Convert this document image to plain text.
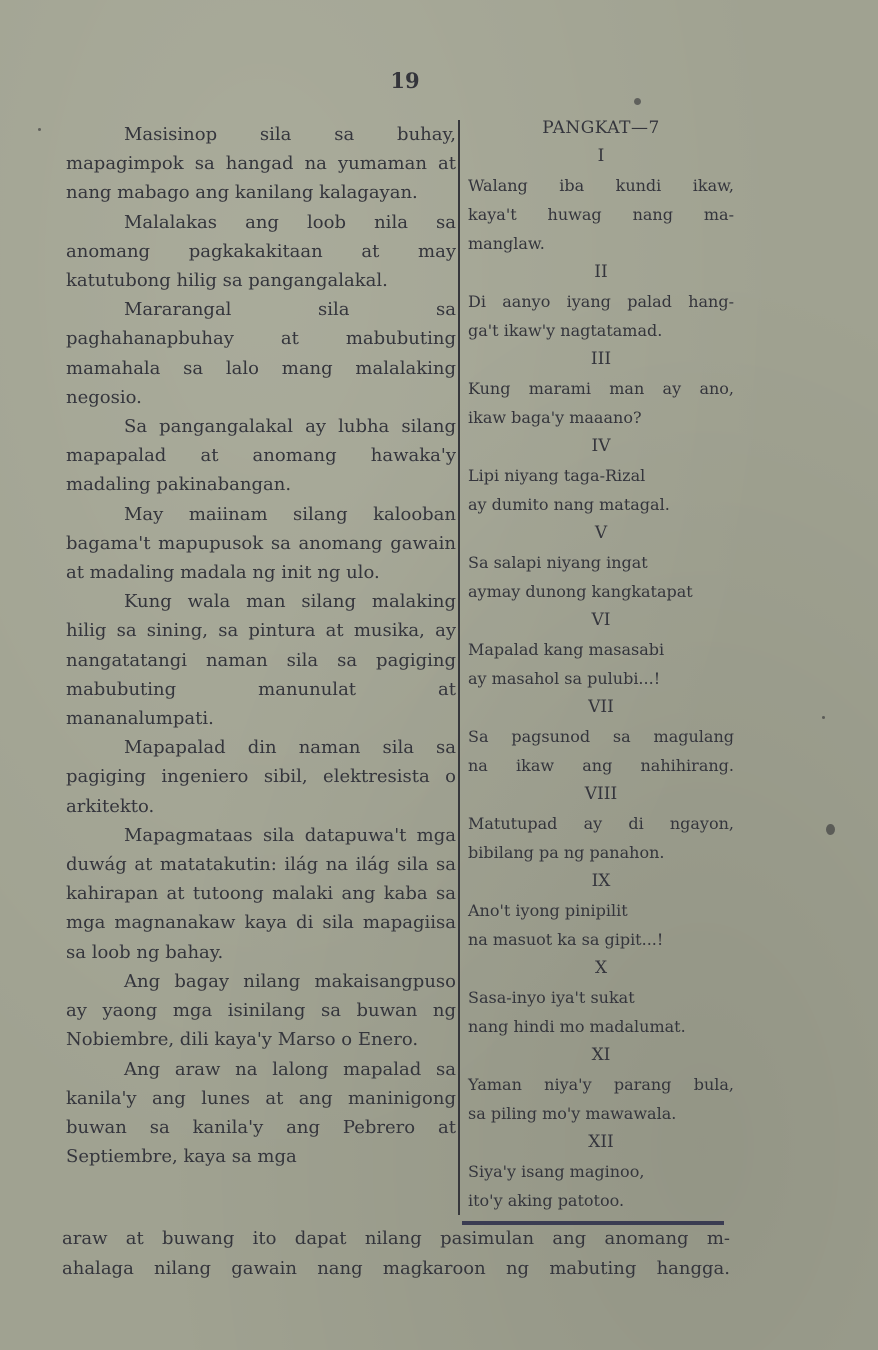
19

Masisinop sila sa buhay, mapagimpok sa hangad na yumaman at nang mabago ang kanilang kalagayan.

Malalakas ang loob nila sa anomang pagkakakitaan at may katutubong hilig sa pangangalakal.

Mararangal sila sa paghahanapbuhay at mabubuting mamahala sa lalo mang malalaking negosio.

Sa pangangalakal ay lubha silang mapapalad at anomang hawaka'y madaling pakinabangan.

May maiinam silang kalooban bagama't mapupusok sa anomang gawain at madaling madala ng init ng ulo.

Kung wala man silang malaking hilig sa sining, sa pintura at musika, ay nangatatangi naman sila sa pagiging mabubuting manunulat at mananalumpati.

Mapapalad din naman sila sa pagiging ingeniero sibil, elektresista o arkitekto.

Mapagmataas sila datapuwa't mga duwág at matatakutin: ilág na ilág sila sa kahirapan at tutoong malaki ang kaba sa mga magnanakaw kaya di sila mapagiisa sa loob ng bahay.

Ang bagay nilang makaisangpuso ay yaong mga isinilang sa buwan ng Nobiembre, dili kaya'y Marso o Enero.

Ang araw na lalong mapalad sa kanila'y ang lunes at ang maninigong buwan sa kanila'y ang Pebrero at Septiembre, kaya sa mga

PANGKAT—7
I
Walang iba kundi ikaw,
kaya't huwag nang ma-
manglaw.
II
Di aanyo iyang palad hang-
ga't ikaw'y nagtatamad.
III
Kung marami man ay ano,
ikaw baga'y maaano?
IV
Lipi niyang taga-Rizal
ay dumito nang matagal.
V
Sa salapi niyang ingat
aymay dunong kangkatapat
VI
Mapalad kang masasabi
ay masahol sa pulubi...!
VII
Sa pagsunod sa magulang
na ikaw ang nahihirang.
VIII
Matutupad ay di ngayon,
bibilang pa ng panahon.
IX
Ano't iyong pinipilit
na masuot ka sa gipit...!
X
Sasa-inyo iya't sukat
nang hindi mo madalumat.
XI
Yaman niya'y parang bula,
sa piling mo'y mawawala.
XII
Siya'y isang maginoo,
ito'y aking patotoo.
araw at buwang ito dapat nilang pasimulan ang anomang m-
ahalaga nilang gawain nang magkaroon ng mabuting hangga.
